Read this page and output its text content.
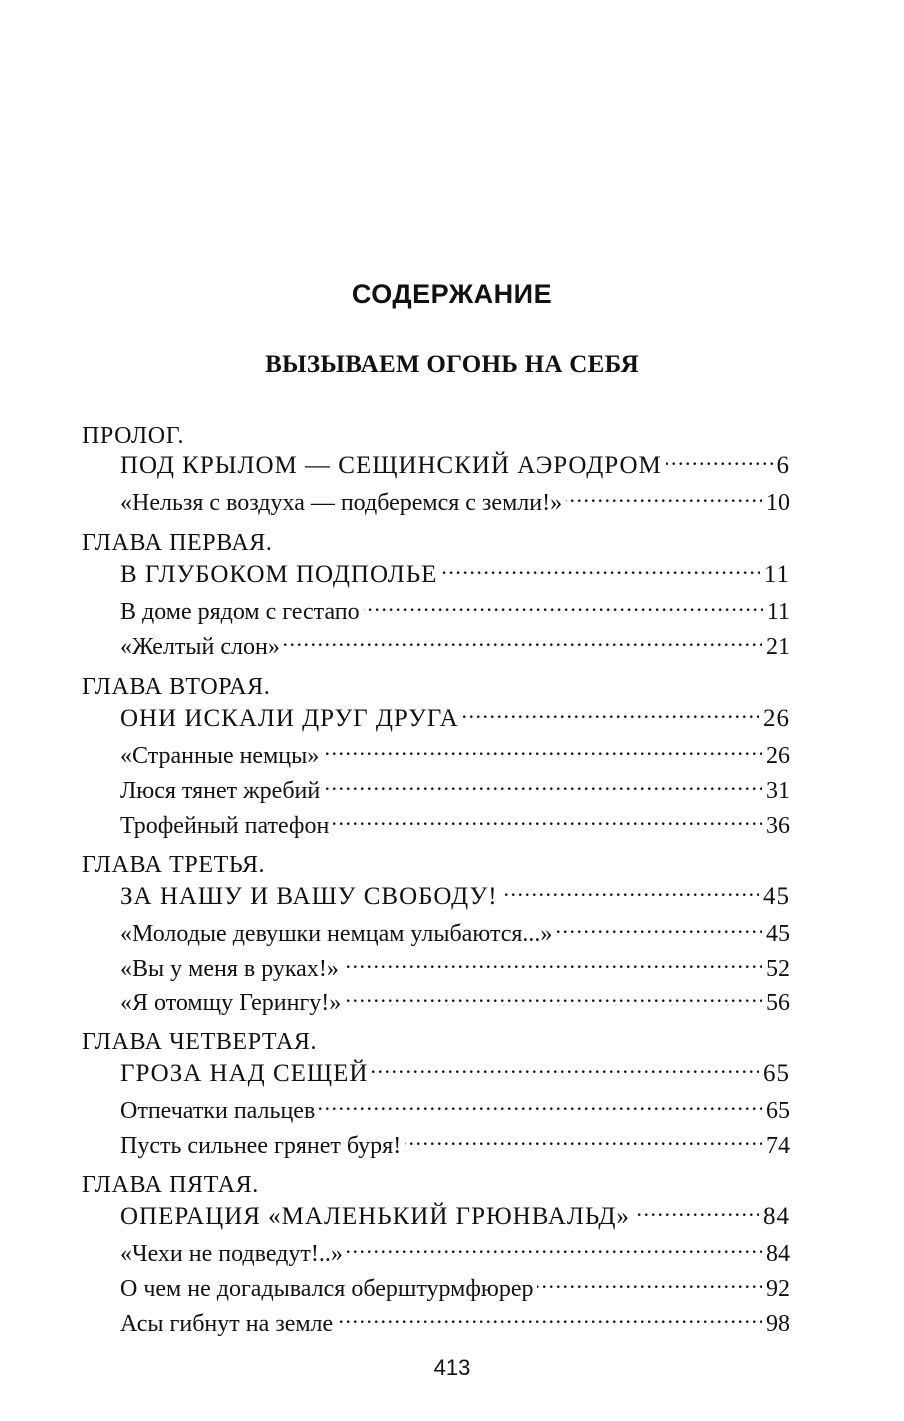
СОДЕРЖАНИЕ
ВЫЗЫВАЕМ ОГОНЬ НА СЕБЯ
ПРОЛОГ.
ПОД КРЫЛОМ — СЕЩИНСКИЙ АЭРОДРОМ . . .	6
«Нельзя с воздуха — подберемся с земли!» . . .	10
ГЛАВА ПЕРВАЯ.
В ГЛУБОКОМ ПОДПОЛЬЕ . . .	11
В доме рядом с гестапо . . .	11
«Желтый слон» . . .	21
ГЛАВА ВТОРАЯ.
ОНИ ИСКАЛИ ДРУГ ДРУГА . . .	26
«Странные немцы» . . .	26
Люся тянет жребий . . .	31
Трофейный патефон . . .	36
ГЛАВА ТРЕТЬЯ.
ЗА НАШУ И ВАШУ СВОБОДУ! . . .	45
«Молодые девушки немцам улыбаются...» . . .	45
«Вы у меня в руках!» . . .	52
«Я отомщу Герингу!» . . .	56
ГЛАВА ЧЕТВЕРТАЯ.
ГРОЗА НАД СЕЩЕЙ . . .	65
Отпечатки пальцев . . .	65
Пусть сильнее грянет буря! . . .	74
ГЛАВА ПЯТАЯ.
ОПЕРАЦИЯ «МАЛЕНЬКИЙ ГРЮНВАЛЬД» . . .	84
«Чехи не подведут!..» . . .	84
О чем не догадывался оберштурмфюрер . . .	92
Асы гибнут на земле . . .	98
413
